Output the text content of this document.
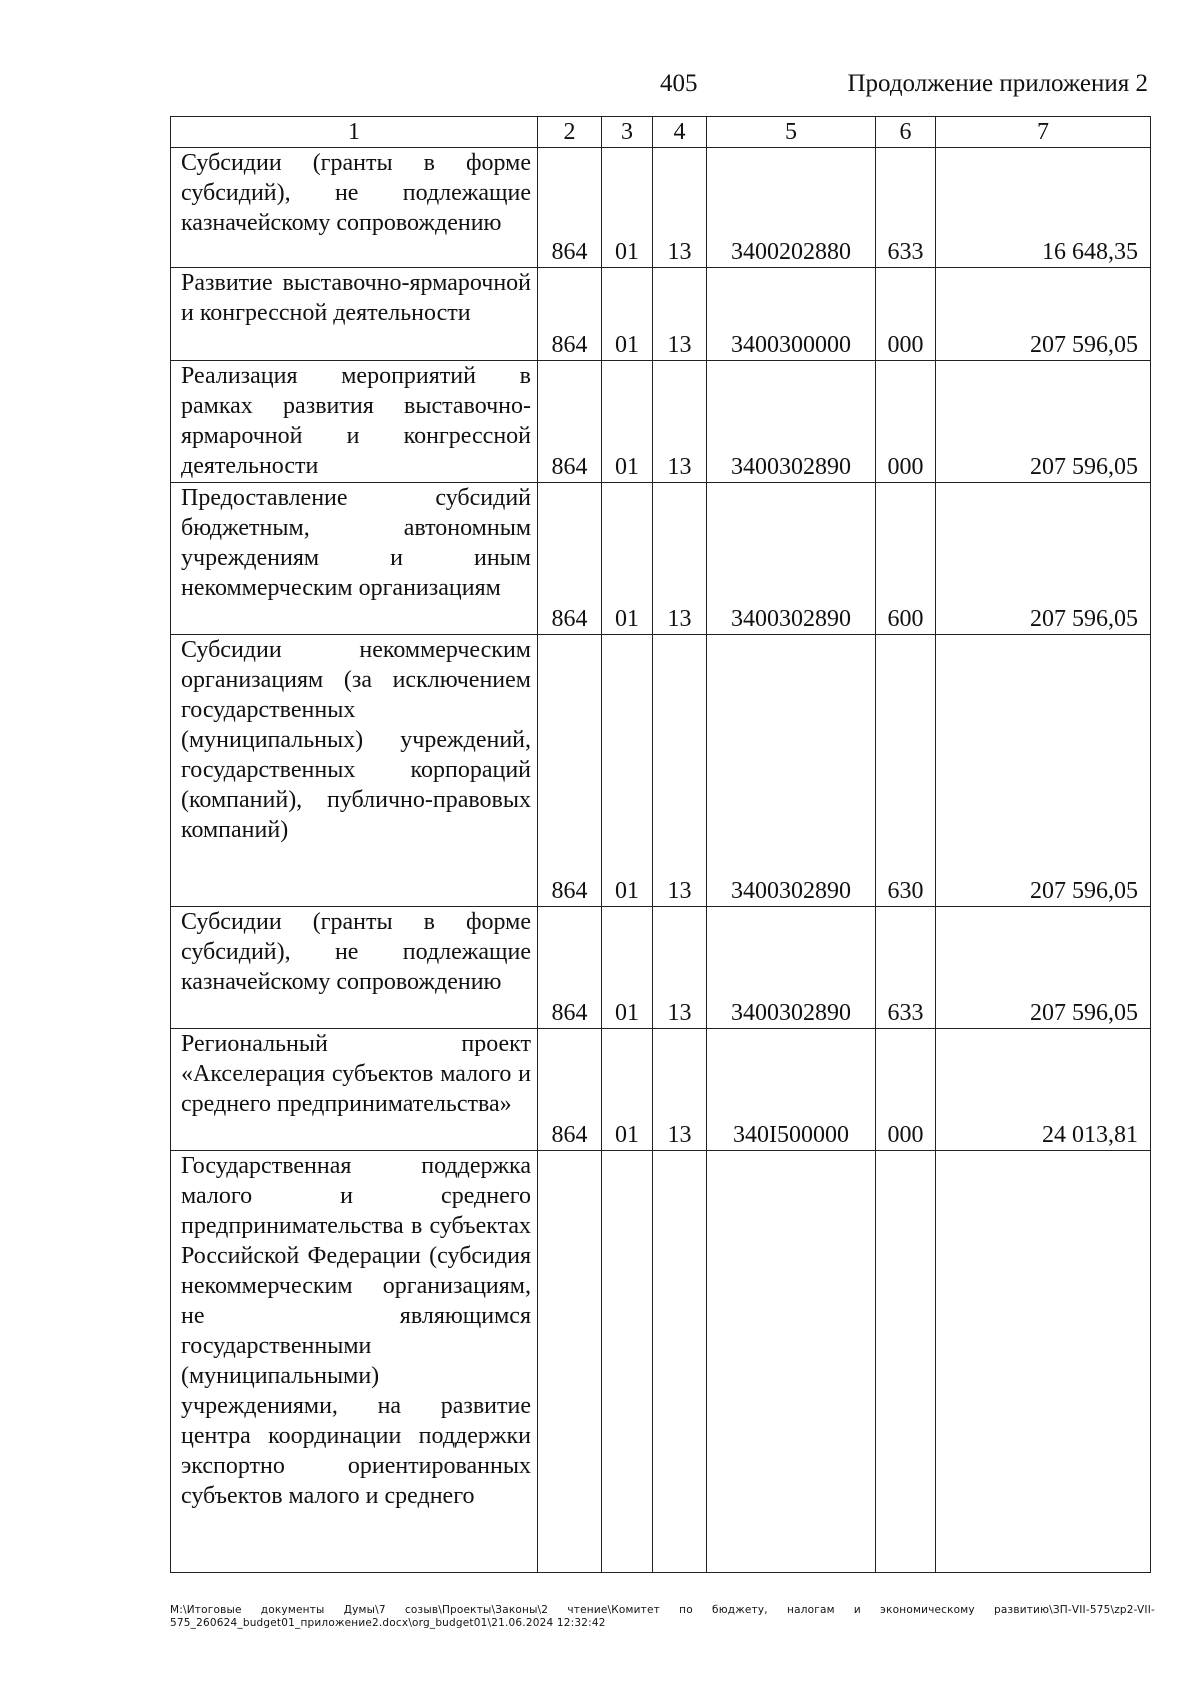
405	Продолжение приложения 2
1	2	3	4	5	6	7
Субсидии (гранты в форме субсидий), не подлежащие казначейскому сопровождению	864	01	13	3400202880	633	16 648,35
Развитие выставочно-ярмарочной и конгрессной деятельности	864	01	13	3400300000	000	207 596,05
Реализация мероприятий в рамках развития выставочно-ярмарочной и конгрессной деятельности	864	01	13	3400302890	000	207 596,05
Предоставление субсидий бюджетным, автономным учреждениям и иным некоммерческим организациям	864	01	13	3400302890	600	207 596,05
Субсидии некоммерческим организациям (за исключением государственных (муниципальных) учреждений, государственных корпораций (компаний), публично-правовых компаний)	864	01	13	3400302890	630	207 596,05
Субсидии (гранты в форме субсидий), не подлежащие казначейскому сопровождению	864	01	13	3400302890	633	207 596,05
Региональный проект «Акселерация субъектов малого и среднего предпринимательства»	864	01	13	340I500000	000	24 013,81
Государственная поддержка малого и среднего предпринимательства в субъектах Российской Федерации (субсидия некоммерческим организациям, не являющимся государственными (муниципальными) учреждениями, на развитие центра координации поддержки экспортно ориентированных субъектов малого и среднего						
M:\Итоговые документы Думы\7 созыв\Проекты\Законы\2 чтение\Комитет по бюджету, налогам и экономическому развитию\ЗП-VII-575\zp2-VII-575_260624_budget01_приложение2.docx\org_budget01\21.06.2024 12:32:42
